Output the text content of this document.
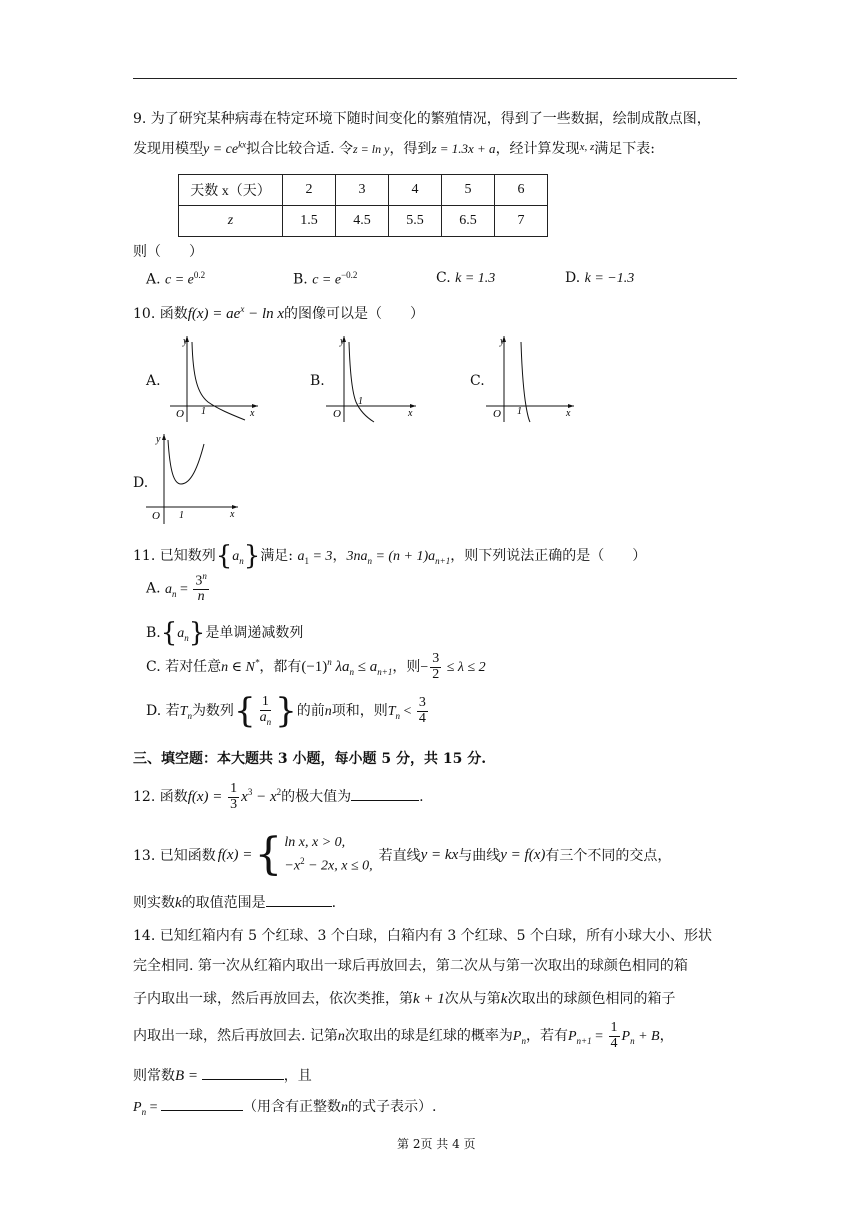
9. 为了研究某种病毒在特定环境下随时间变化的繁殖情况，得到了一些数据，绘制成散点图，
发现用模型$y = ce^{kx}$拟合比较合适. 令z = ln y，得到z = 1.3x + a，经计算发现$^{x, z}$满足下表:
天数 x（天）	2	3	4	5	6
z	1.5	4.5	5.5	6.5	7
则（　　）
A. $c = e^{0.2}$	B. $c = e^{-0.2}$	C. k = 1.3	D. k = −1.3
10. 函数$f(x) = ae^x - \ln x$的图像可以是（　　）
A.
y
x
O 1
B.
y
x
O
1
C.
y
x
O 1
D.
y
x
O 1
11. 已知数列$\{a_n\}$满足: $a_1 = 3$，$3na_n = (n + 1)a_{n+1}$，则下列说法正确的是（　　）
A. $a_n = \frac{3^n}{n}$
$B.\{a_n\}$是单调递减数列
C. 若对任意n ∈ N*，都有$(-1)^n$ $\lambda a_n \le a_{n+1}$，则− $\frac{3}{2} \le \lambda \le 2$
D. 若$T_n$为数列{ $\frac{1}{a_n}$ }的前n项和，则$T_n < \frac{3}{4}$
三、填空题：本大题共 3 小题，每小题 5 分，共 15 分.
12. 函数$f(x) = \frac{1}{3} x^3 - x^2$的极大值为	.
13. 已知函数 f(x) = { ln x, x > 0,
$-x^2 - 2x$, x ≤ 0,
若直线 y = kx 与曲线 y = f(x) 有三个不同的交点，
则实数k的取值范围是	.
14. 已知红箱内有 5 个红球、3 个白球，白箱内有 3 个红球、5 个白球，所有小球大小、形状
完全相同. 第一次从红箱内取出一球后再放回去，第二次从与第一次取出的球颜色相同的箱
子内取出一球，然后再放回去，依次类推，第k + 1次从与第k次取出的球颜色相同的箱子
内取出一球，然后再放回去. 记第n次取出的球是红球的概率为$P_n$，若有$P_{n+1} = \frac{1}{4} P_n + B$，
则常数B =	，且
$P_n$ =	（用含有正整数n的式子表示）.
第 2页 共 4 页
